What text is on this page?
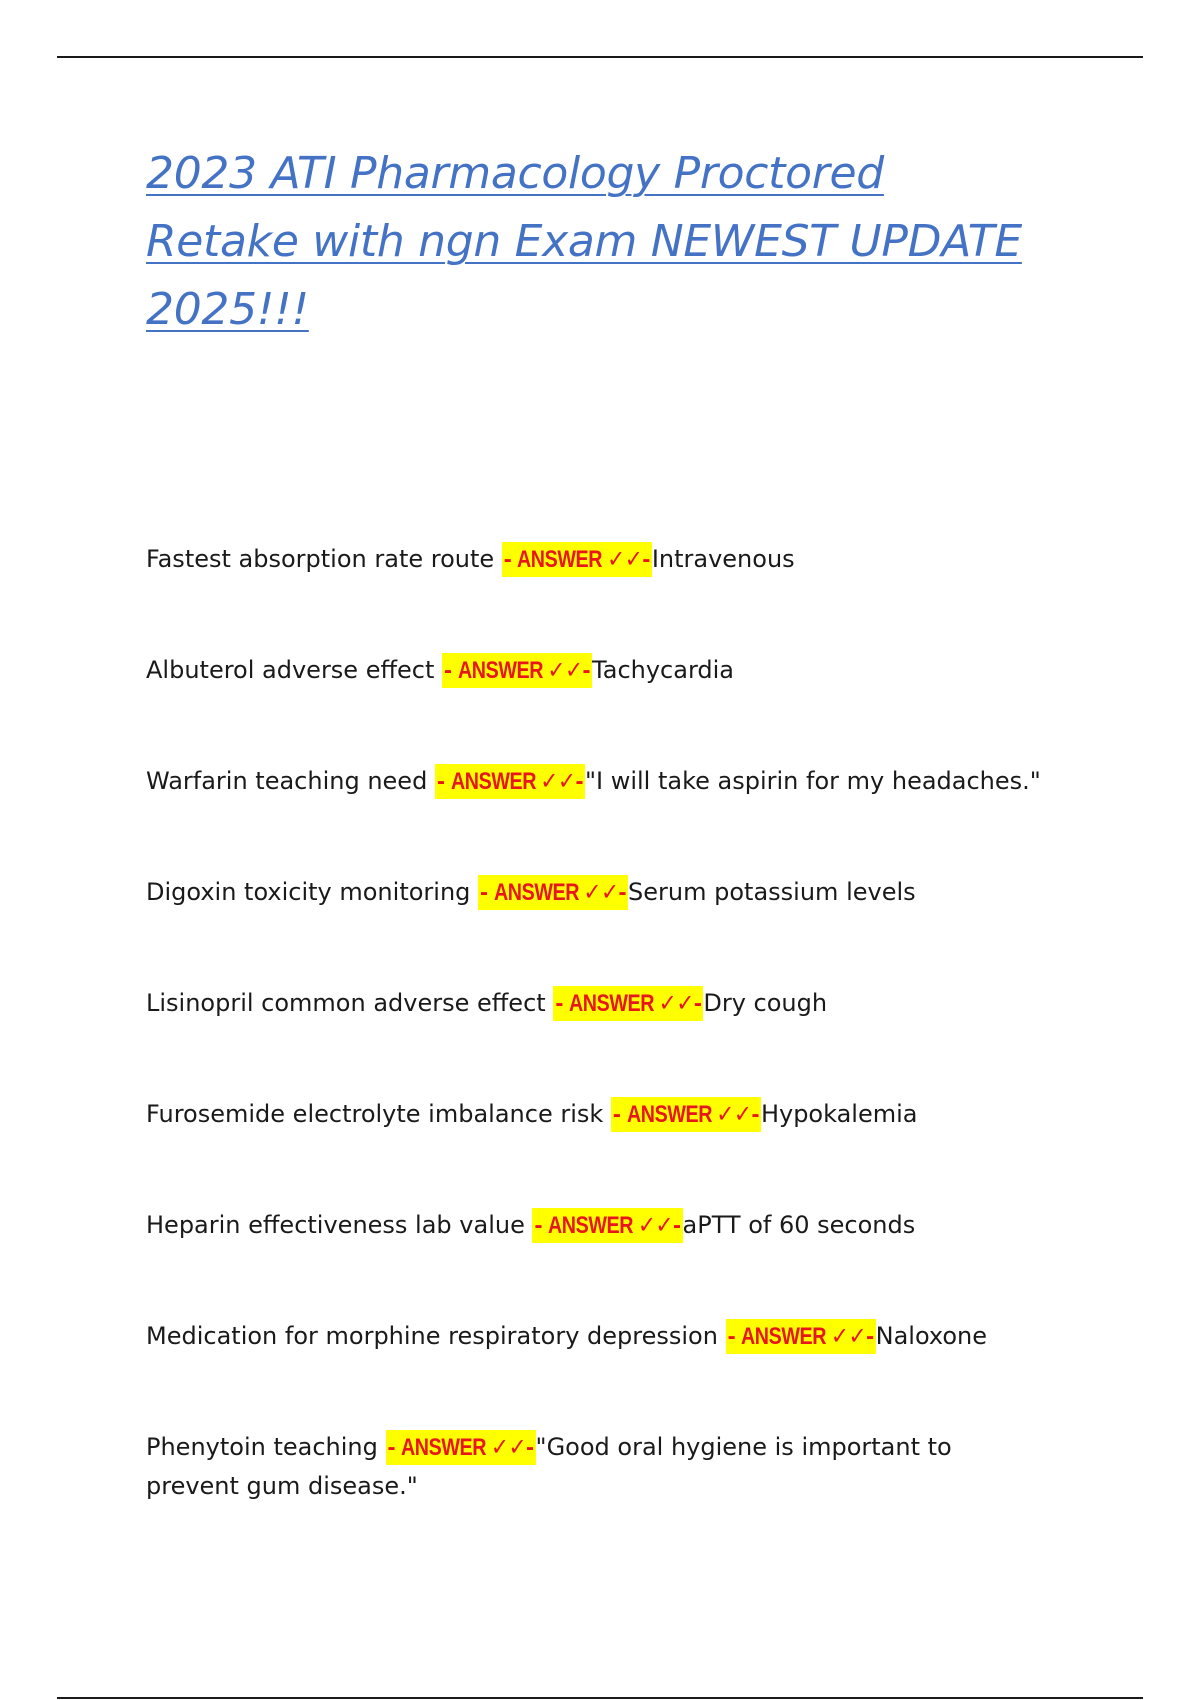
2023 ATI Pharmacology Proctored Retake with ngn Exam NEWEST UPDATE 2025!!!
Fastest absorption rate route - ANSWER ✓✓-Intravenous
Albuterol adverse effect - ANSWER ✓✓-Tachycardia
Warfarin teaching need - ANSWER ✓✓-"I will take aspirin for my headaches."
Digoxin toxicity monitoring - ANSWER ✓✓-Serum potassium levels
Lisinopril common adverse effect - ANSWER ✓✓-Dry cough
Furosemide electrolyte imbalance risk - ANSWER ✓✓-Hypokalemia
Heparin effectiveness lab value - ANSWER ✓✓-aPTT of 60 seconds
Medication for morphine respiratory depression - ANSWER ✓✓-Naloxone
Phenytoin teaching - ANSWER ✓✓-"Good oral hygiene is important to prevent gum disease."
